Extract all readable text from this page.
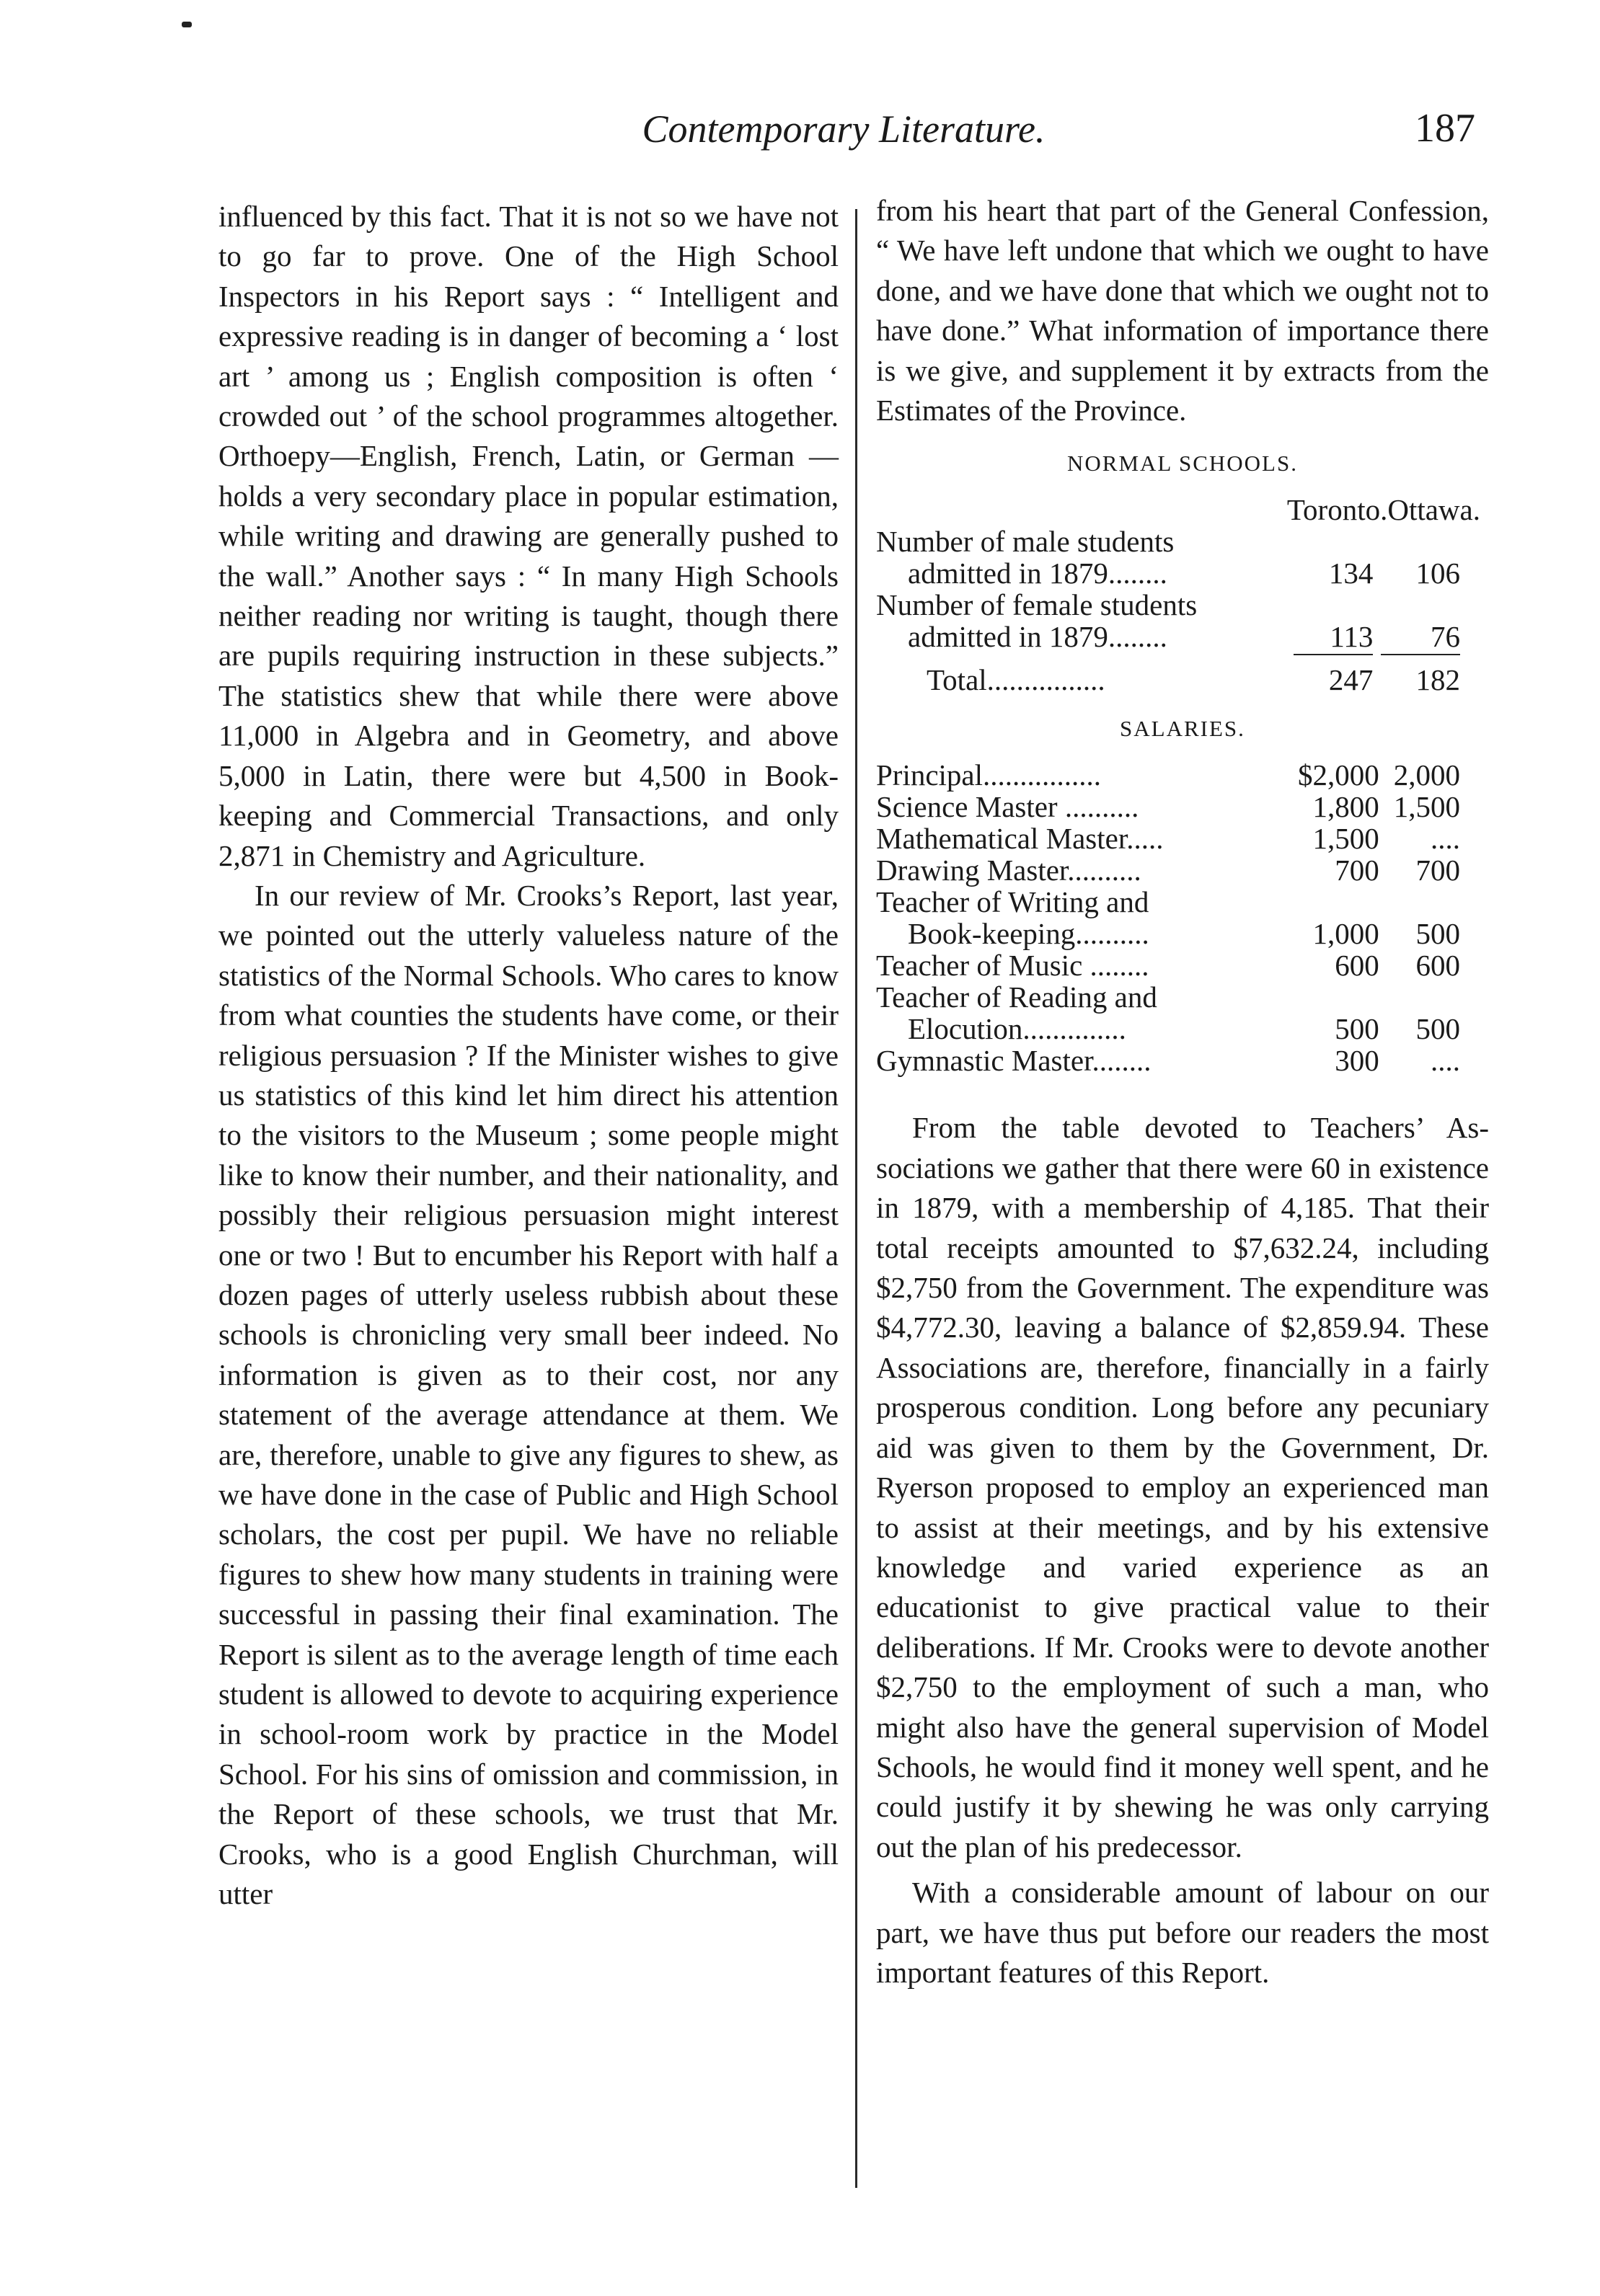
Contemporary Literature.	187

influenced by this fact. That it is not so we have not to go far to prove. One of the High School Inspectors in his Report says : “ Intelligent and expressive reading is in danger of becoming a ‘ lost art ’ among us ; English composition is often ‘ crowded out ’ of the school programmes altogether. Orthoepy—English, French, Latin, or German —holds a very secondary place in popular estimation, while writing and drawing are generally pushed to the wall.” Another says : “ In many High Schools neither reading nor writing is taught, though there are pupils requiring instruction in these subjects.” The statistics shew that while there were above 11,000 in Algebra and in Geometry, and above 5,000 in Latin, there were but 4,500 in Book-keeping and Commercial Transactions, and only 2,871 in Chemistry and Agriculture.

In our review of Mr. Crooks’s Report, last year, we pointed out the utterly valueless nature of the statistics of the Normal Schools. Who cares to know from what counties the students have come, or their religious persuasion ? If the Minister wishes to give us statistics of this kind let him direct his attention to the visitors to the Museum ; some people might like to know their number, and their nationality, and possibly their religious persuasion might interest one or two ! But to encumber his Report with half a dozen pages of utterly useless rubbish about these schools is chronicling very small beer indeed. No information is given as to their cost, nor any statement of the average attendance at them. We are, therefore, unable to give any figures to shew, as we have done in the case of Public and High School scholars, the cost per pupil. We have no reliable figures to shew how many students in training were successful in passing their final examination. The Report is silent as to the average length of time each student is allowed to devote to acquiring experience in school-room work by practice in the Model School. For his sins of omission and commission, in the Report of these schools, we trust that Mr. Crooks, who is a good English Churchman, will utter

from his heart that part of the General Confession, “ We have left undone that which we ought to have done, and we have done that which we ought not to have done.” What information of importance there is we give, and supplement it by extracts from the Estimates of the Province.

NORMAL SCHOOLS.
	Toronto.	Ottawa.
Number of male students		
admitted in 1879........	134	106
Number of female students		
admitted in 1879........	113	76

Total................	247	182
SALARIES.
Principal................	$2,000	2,000
Science Master ..........	1,800	1,500
Mathematical Master.....	1,500	....
Drawing Master..........	700	700
Teacher of Writing and		
Book-keeping..........	1,000	500
Teacher of Music ........	600	600
Teacher of Reading and		
Elocution..............	500	500
Gymnastic Master........	300	....

From the table devoted to Teachers’ Associations we gather that there were 60 in existence in 1879, with a membership of 4,185. That their total receipts amounted to $7,632.24, including $2,750 from the Government. The expenditure was $4,772.30, leaving a balance of $2,859.94. These Associations are, therefore, financially in a fairly prosperous condition. Long before any pecuniary aid was given to them by the Government, Dr. Ryerson proposed to employ an experienced man to assist at their meetings, and by his extensive knowledge and varied experience as an educationist to give practical value to their deliberations. If Mr. Crooks were to devote another $2,750 to the employment of such a man, who might also have the general supervision of Model Schools, he would find it money well spent, and he could justify it by shewing he was only carrying out the plan of his predecessor.

With a considerable amount of labour on our part, we have thus put before our readers the most important features of this Report.
